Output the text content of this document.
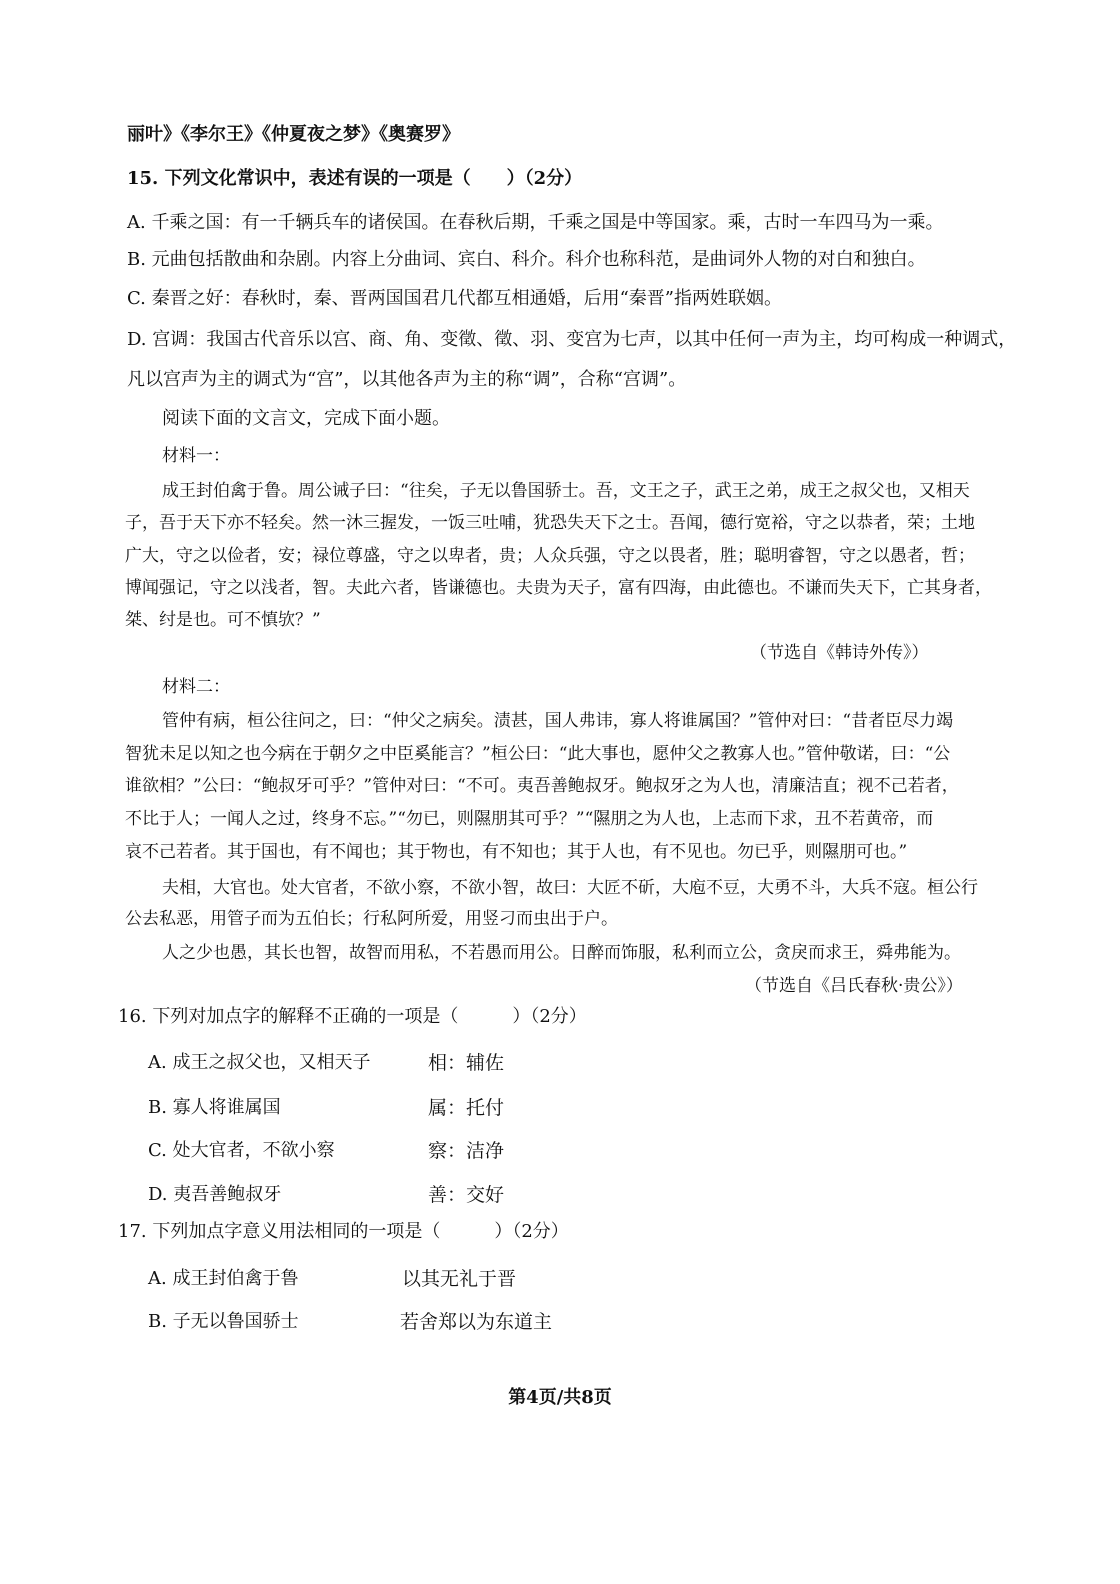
丽叶》《李尔王》《仲夏夜之梦》《奥赛罗》
15. 下列文化常识中，表述有误的一项是（　　）（2分）
A. 千乘之国：有一千辆兵车的诸侯国。在春秋后期，千乘之国是中等国家。乘，古时一车四马为一乘。
B. 元曲包括散曲和杂剧。内容上分曲词、宾白、科介。科介也称科范，是曲词外人物的对白和独白。
C. 秦晋之好：春秋时，秦、晋两国国君几代都互相通婚，后用“秦晋”指两姓联姻。
D. 宫调：我国古代音乐以宫、商、角、变徵、徵、羽、变宫为七声，以其中任何一声为主，均可构成一种调式，
凡以宫声为主的调式为“宫”，以其他各声为主的称“调”，合称“宫调”。
阅读下面的文言文，完成下面小题。
材料一：
成王封伯禽于鲁。周公诫子曰：“往矣，子无以鲁国骄士。吾，文王之子，武王之弟，成王之叔父也，又相天
子，吾于天下亦不轻矣。然一沐三握发，一饭三吐哺，犹恐失天下之士。吾闻，德行宽裕，守之以恭者，荣；土地
广大，守之以俭者，安；禄位尊盛，守之以卑者，贵；人众兵强，守之以畏者，胜；聪明睿智，守之以愚者，哲；
博闻强记，守之以浅者，智。夫此六者，皆谦德也。夫贵为天子，富有四海，由此德也。不谦而失天下，亡其身者，
桀、纣是也。可不慎欤？”
（节选自《韩诗外传》）
材料二：
管仲有病，桓公往问之，曰：“仲父之病矣。渍甚，国人弗讳，寡人将谁属国？”管仲对曰：“昔者臣尽力竭
智犹未足以知之也今病在于朝夕之中臣奚能言？”桓公曰：“此大事也，愿仲父之教寡人也。”管仲敬诺，曰：“公
谁欲相？”公曰：“鲍叔牙可乎？”管仲对曰：“不可。夷吾善鲍叔牙。鲍叔牙之为人也，清廉洁直；视不己若者，
不比于人；一闻人之过，终身不忘。”“勿已，则隰朋其可乎？”“隰朋之为人也，上志而下求，丑不若黄帝，而
哀不己若者。其于国也，有不闻也；其于物也，有不知也；其于人也，有不见也。勿已乎，则隰朋可也。”
夫相，大官也。处大官者，不欲小察，不欲小智，故曰：大匠不斫，大庖不豆，大勇不斗，大兵不寇。桓公行
公去私恶，用管子而为五伯长；行私阿所爱，用竖刁而虫出于户。
人之少也愚，其长也智，故智而用私，不若愚而用公。日醉而饰服，私利而立公，贪戾而求王，舜弗能为。
（节选自《吕氏春秋·贵公》）
16. 下列对加点字的解释不正确的一项是（　　　）（2分）
A. 成王之叔父也，又相天子	相：辅佐
B. 寡人将谁属国	属：托付
C. 处大官者，不欲小察	察：洁净
D. 夷吾善鲍叔牙	善：交好
17. 下列加点字意义用法相同的一项是（　　　）（2分）
A. 成王封伯禽于鲁	以其无礼于晋
B. 子无以鲁国骄士	若舍郑以为东道主
第4页/共8页
